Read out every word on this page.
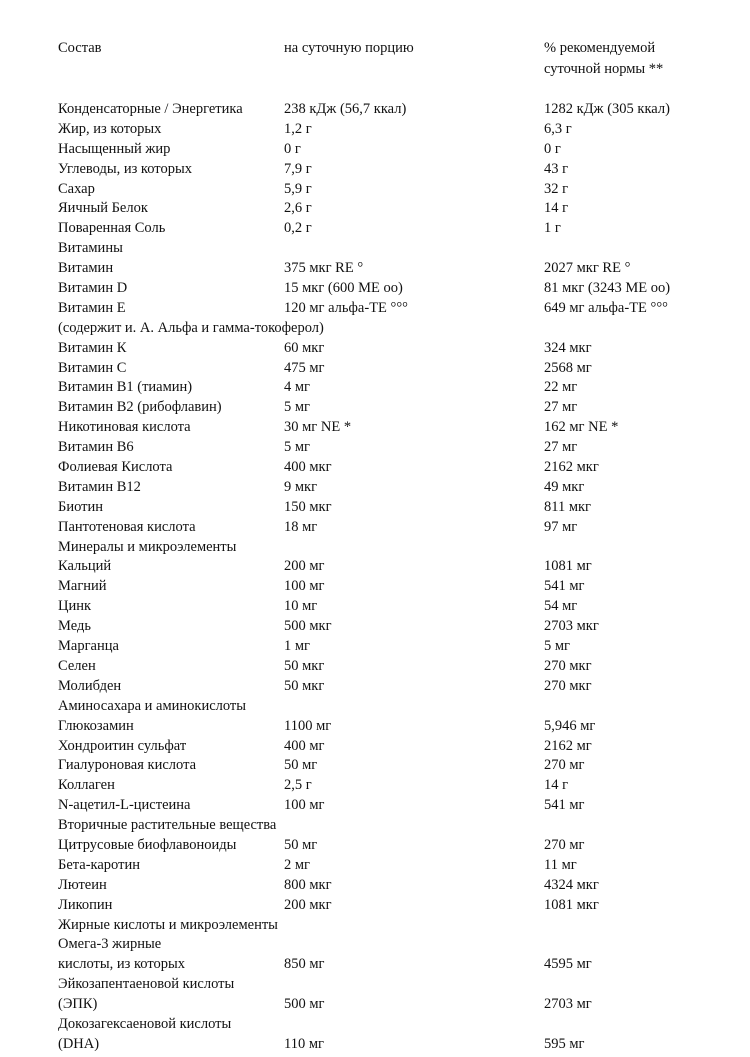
Состав	на суточную порцию	% рекомендуемой
суточной нормы **
Конденсаторные / Энергетика	238 кДж (56,7 ккал)	1282 кДж (305 ккал)
Жир, из которых	1,2 г	6,3 г
Насыщенный жир	0 г	0 г
Углеводы, из которых	7,9 г	43 г
Сахар	5,9 г	32 г
Яичный Белок	2,6 г	14 г
Поваренная Соль	0,2 г	1 г
Витамины
Витамин	375 мкг RE °	2027 мкг RE °
Витамин D	15 мкг (600 МЕ оо)	81 мкг (3243 МЕ оо)
Витамин E	120 мг альфа-TE °°°	649 мг альфа-TE °°°
(содержит и. А. Альфа и гамма-токоферол)
Витамин К	60 мкг	324 мкг
Витамин C	475 мг	2568 мг
Витамин B1 (тиамин)	4 мг	22 мг
Витамин B2 (рибофлавин)	5 мг	27 мг
Никотиновая кислота	30 мг NE *	162 мг NE *
Витамин B6	5 мг	27 мг
Фолиевая Кислота	400 мкг	2162 мкг
Витамин B12	9 мкг	49 мкг
Биотин	150 мкг	811 мкг
Пантотеновая кислота	18 мг	97 мг
Минералы и микроэлементы
Кальций	200 мг	1081 мг
Магний	100 мг	541 мг
Цинк	10 мг	54 мг
Медь	500 мкг	2703 мкг
Марганца	1 мг	5 мг
Селен	50 мкг	270 мкг
Молибден	50 мкг	270 мкг
Аминосахара и аминокислоты
Глюкозамин	1100 мг	5,946 мг
Хондроитин сульфат	400 мг	2162 мг
Гиалуроновая кислота	50 мг	270 мг
Коллаген	2,5 г	14 г
N-ацетил-L-цистеина	100 мг	541 мг
Вторичные растительные вещества
Цитрусовые биофлавоноиды	50 мг	270 мг
Бета-каротин	2 мг	11 мг
Лютеин	800 мкг	4324 мкг
Ликопин	200 мкг	1081 мкг
Жирные кислоты и микроэлементы
Омега-3 жирные
кислоты, из которых	850 мг	4595 мг
Эйкозапентаеновой кислоты
(ЭПК)	500 мг	2703 мг
Докозагексаеновой кислоты
(DHA)	110 мг	595 мг
